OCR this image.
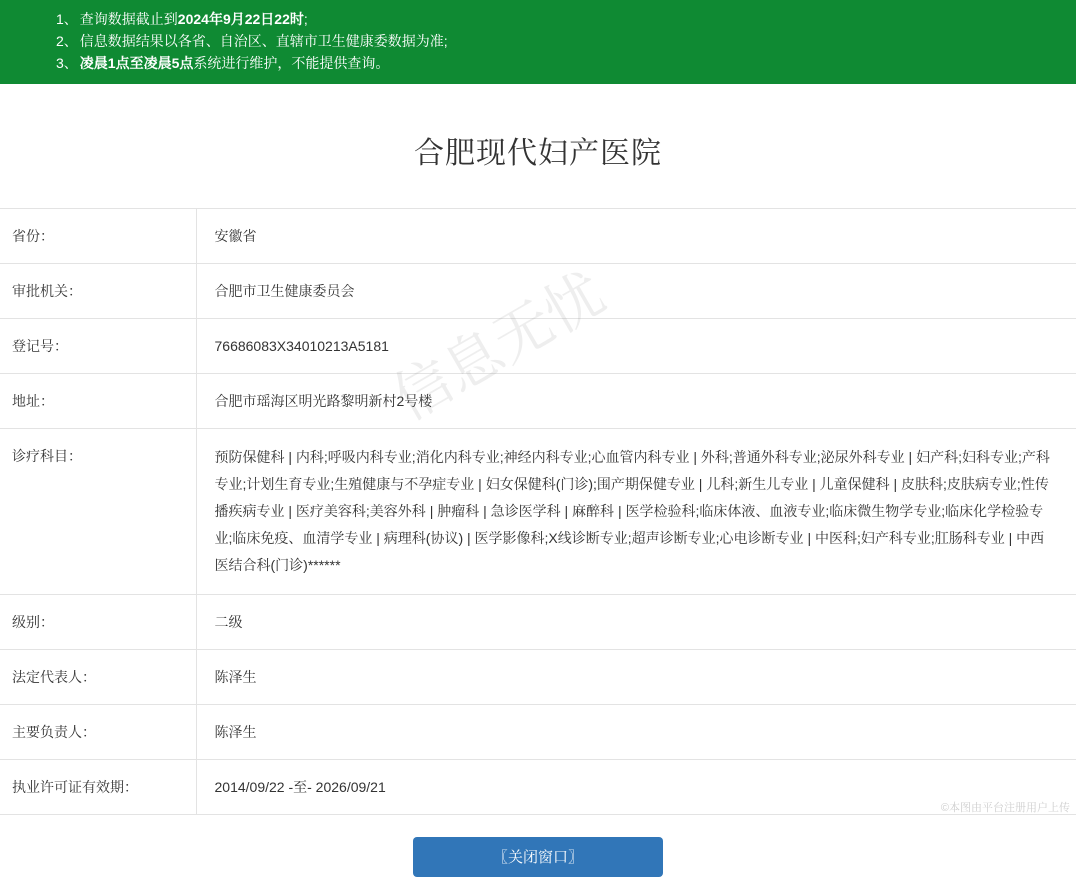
1、 查询数据截止到2024年9月22日22时;
2、 信息数据结果以各省、自治区、直辖市卫生健康委数据为准;
3、 凌晨1点至凌晨5点系统进行维护，不能提供查询。
合肥现代妇产医院
省份：	安徽省
审批机关：	合肥市卫生健康委员会
登记号：	76686083X34010213A5181
地址：	合肥市瑶海区明光路黎明新村2号楼
诊疗科目：	预防保健科 | 内科;呼吸内科专业;消化内科专业;神经内科专业;心血管内科专业 | 外科;普通外科专业;泌尿外科专业 | 妇产科;妇科专业;产科专业;计划生育专业;生殖健康与不孕症专业 | 妇女保健科(门诊);围产期保健专业 | 儿科;新生儿专业 | 儿童保健科 | 皮肤科;皮肤病专业;性传播疾病专业 | 医疗美容科;美容外科 | 肿瘤科 | 急诊医学科 | 麻醉科 | 医学检验科;临床体液、血液专业;临床微生物学专业;临床化学检验专业;临床免疫、血清学专业 | 病理科(协议) | 医学影像科;X线诊断专业;超声诊断专业;心电诊断专业 | 中医科;妇产科专业;肛肠科专业 | 中西医结合科(门诊)******
级别：	二级
法定代表人：	陈泽生
主要负责人：	陈泽生
执业许可证有效期：	2014/09/22 -至- 2026/09/21
〖关闭窗口〗
信息无忧
©本图由平台注册用户上传
